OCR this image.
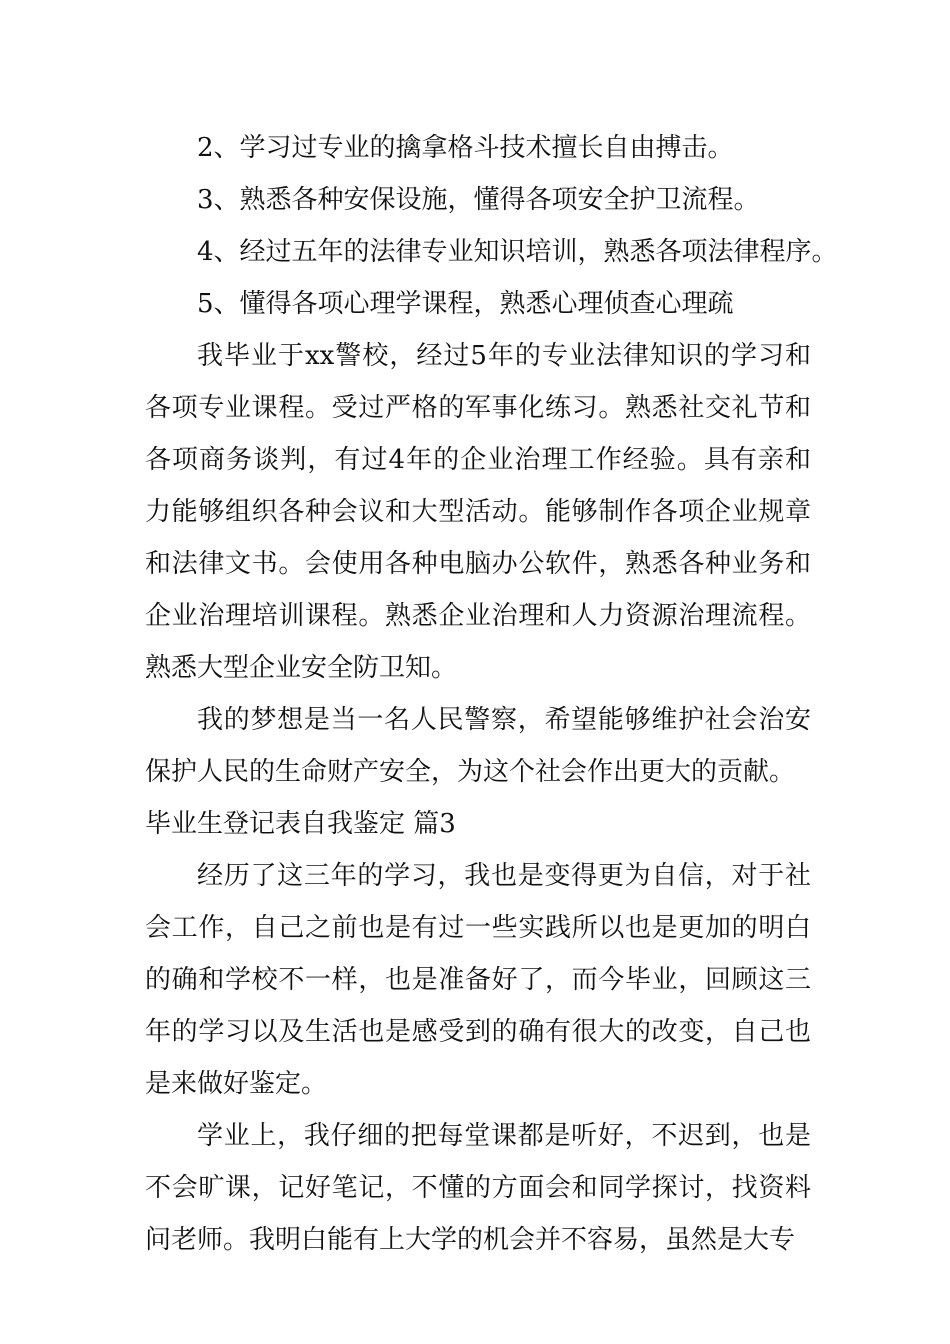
2、学习过专业的擒拿格斗技术擅长自由搏击。

3、熟悉各种安保设施，懂得各项安全护卫流程。

4、经过五年的法律专业知识培训，熟悉各项法律程序。

5、懂得各项心理学课程，熟悉心理侦查心理疏

我毕业于xx警校，经过5年的专业法律知识的学习和各项专业课程。受过严格的军事化练习。熟悉社交礼节和各项商务谈判，有过4年的企业治理工作经验。具有亲和力能够组织各种会议和大型活动。能够制作各项企业规章和法律文书。会使用各种电脑办公软件，熟悉各种业务和企业治理培训课程。熟悉企业治理和人力资源治理流程。熟悉大型企业安全防卫知。

我的梦想是当一名人民警察，希望能够维护社会治安保护人民的生命财产安全，为这个社会作出更大的贡献。

毕业生登记表自我鉴定 篇3

经历了这三年的学习，我也是变得更为自信，对于社会工作，自己之前也是有过一些实践所以也是更加的明白的确和学校不一样，也是准备好了，而今毕业，回顾这三年的学习以及生活也是感受到的确有很大的改变，自己也是来做好鉴定。

学业上，我仔细的把每堂课都是听好，不迟到，也是不会旷课，记好笔记，不懂的方面会和同学探讨，找资料问老师。我明白能有上大学的机会并不容易，虽然是大专
